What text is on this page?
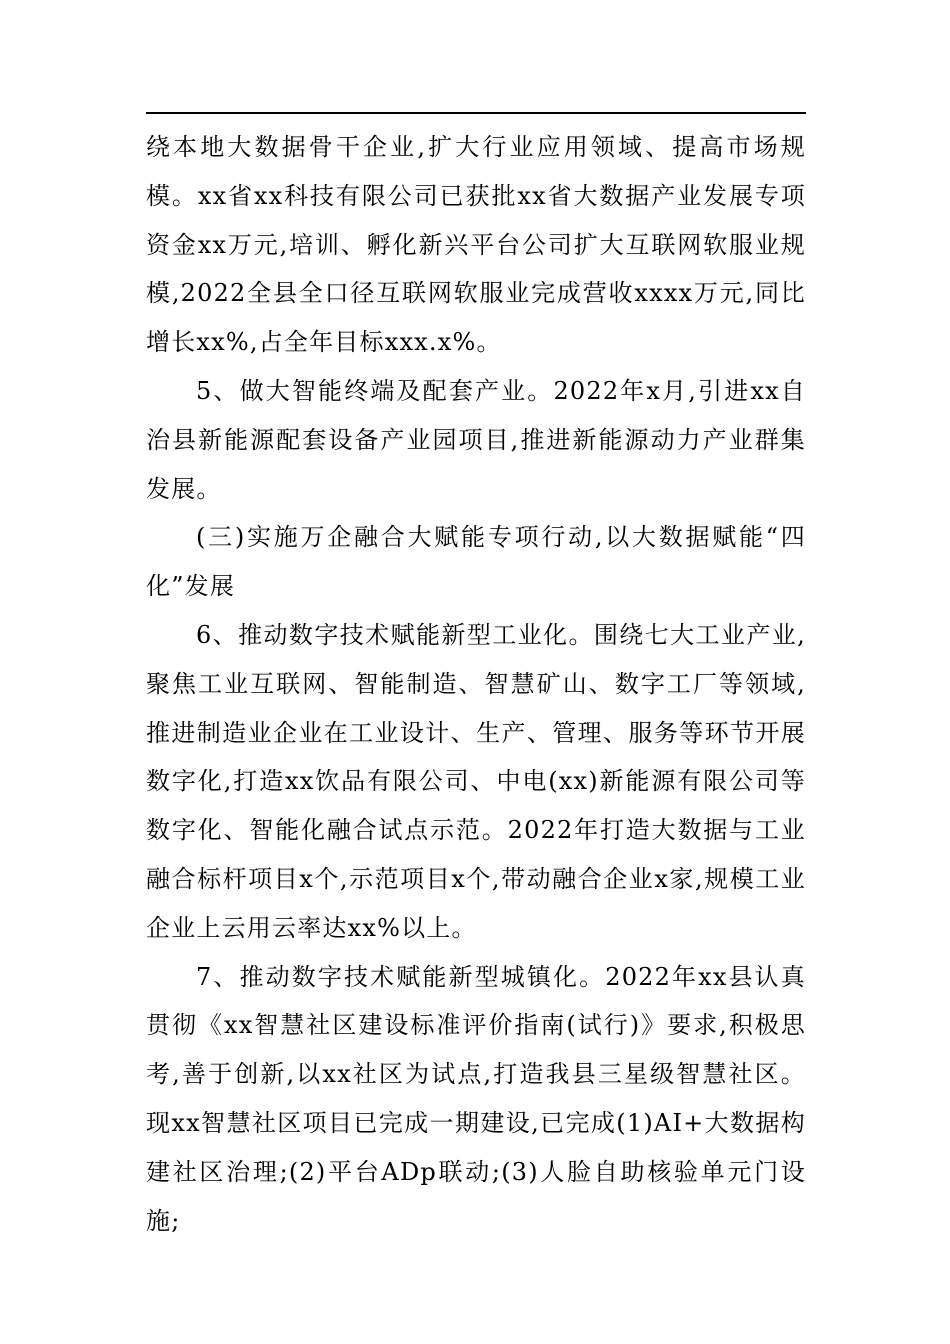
绕本地大数据骨干企业,扩大行业应用领域、提高市场规模。xx省xx科技有限公司已获批xx省大数据产业发展专项资金xx万元,培训、孵化新兴平台公司扩大互联网软服业规模,2022全县全口径互联网软服业完成营收xxxx万元,同比增长xx%,占全年目标xxx.x%。

5、做大智能终端及配套产业。2022年x月,引进xx自治县新能源配套设备产业园项目,推进新能源动力产业群集发展。

(三)实施万企融合大赋能专项行动,以大数据赋能“四化”发展

6、推动数字技术赋能新型工业化。围绕七大工业产业,聚焦工业互联网、智能制造、智慧矿山、数字工厂等领域,推进制造业企业在工业设计、生产、管理、服务等环节开展数字化,打造xx饮品有限公司、中电(xx)新能源有限公司等数字化、智能化融合试点示范。2022年打造大数据与工业融合标杆项目x个,示范项目x个,带动融合企业x家,规模工业企业上云用云率达xx%以上。

7、推动数字技术赋能新型城镇化。2022年xx县认真贯彻《xx智慧社区建设标准评价指南(试行)》要求,积极思考,善于创新,以xx社区为试点,打造我县三星级智慧社区。现xx智慧社区项目已完成一期建设,已完成(1)AI+大数据构建社区治理;(2)平台ADp联动;(3)人脸自助核验单元门设施;
